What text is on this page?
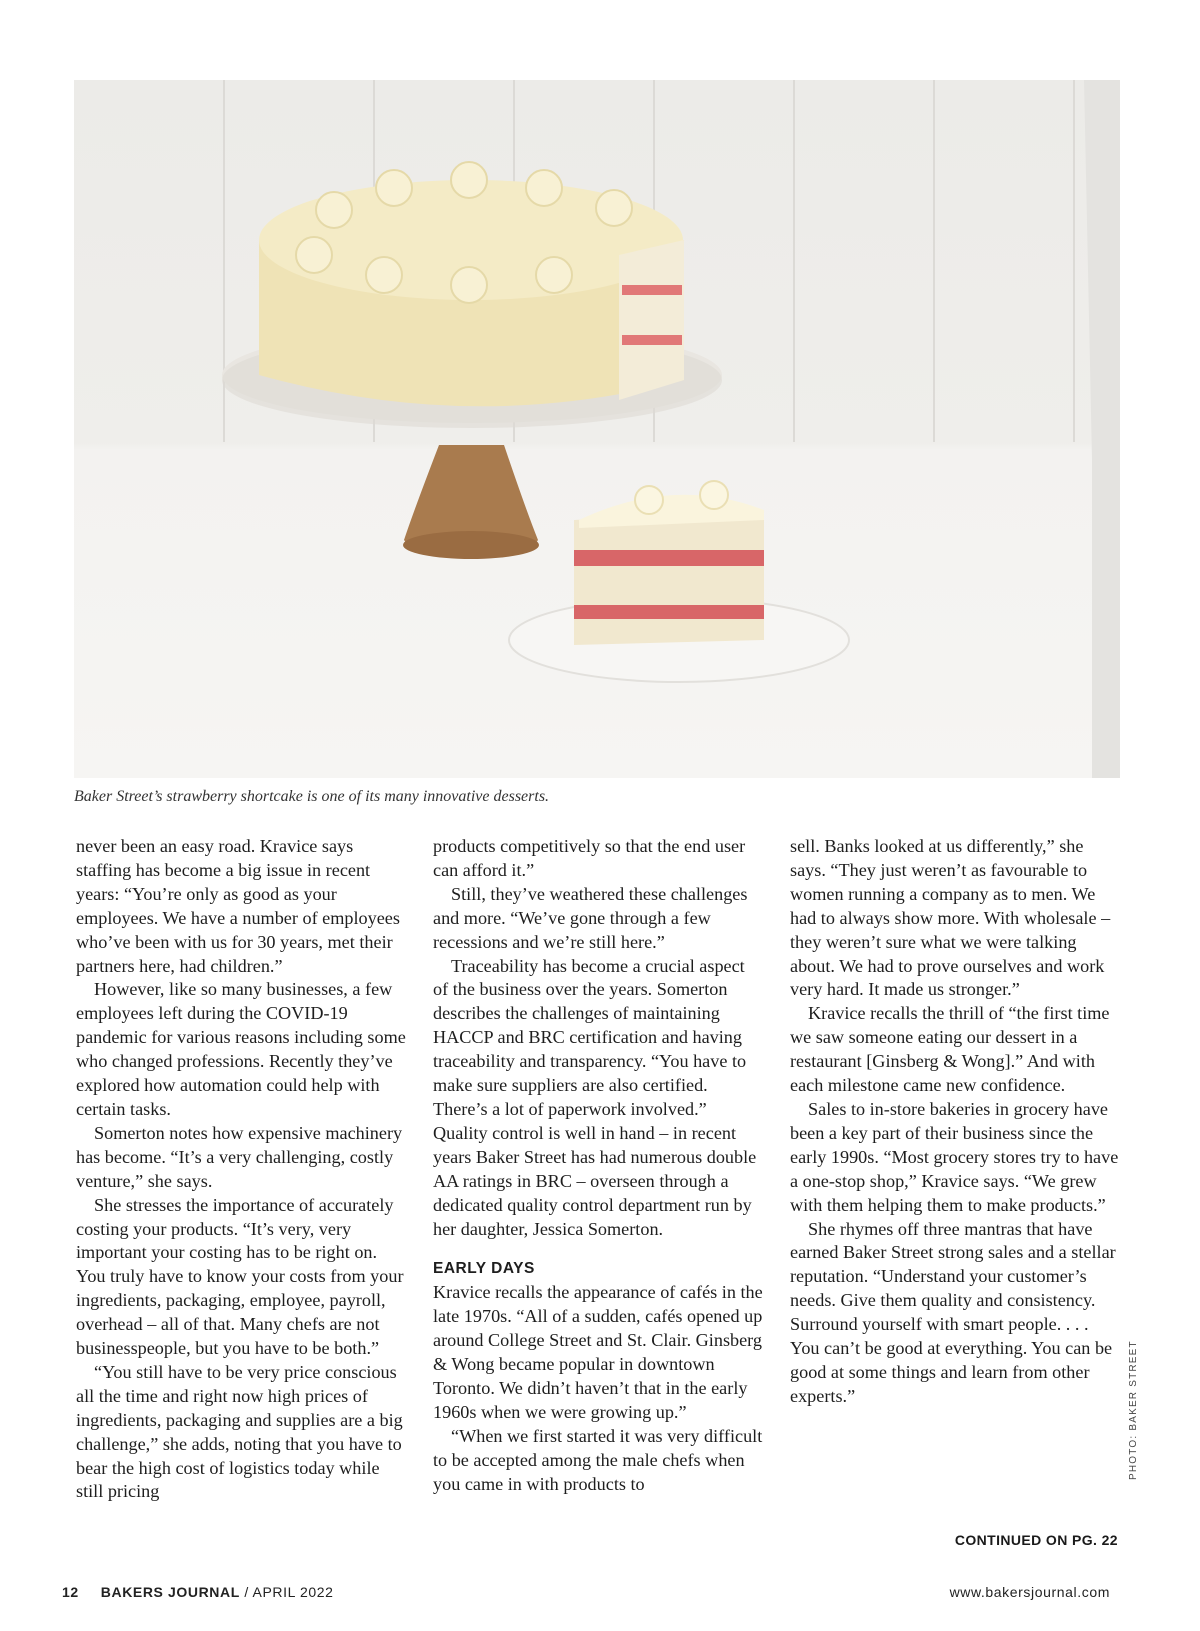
Baker Street’s strawberry shortcake is one of its many innovative desserts.

never been an easy road. Kravice says staffing has become a big issue in recent years: “You’re only as good as your employees. We have a number of employees who’ve been with us for 30 years, met their partners here, had children.”

However, like so many businesses, a few employees left during the COVID-19 pandemic for various reasons including some who changed professions. Recently they’ve explored how automation could help with certain tasks.

Somerton notes how expensive machinery has become. “It’s a very challenging, costly venture,” she says.

She stresses the importance of accurately costing your products. “It’s very, very important your costing has to be right on. You truly have to know your costs from your ingredients, packaging, employee, payroll, overhead – all of that. Many chefs are not businesspeople, but you have to be both.”

“You still have to be very price conscious all the time and right now high prices of ingredients, packaging and supplies are a big challenge,” she adds, noting that you have to bear the high cost of logistics today while still pricing

products competitively so that the end user can afford it.”

Still, they’ve weathered these challenges and more. “We’ve gone through a few recessions and we’re still here.”

Traceability has become a crucial aspect of the business over the years. Somerton describes the challenges of maintaining HACCP and BRC certification and having traceability and transparency. “You have to make sure suppliers are also certified. There’s a lot of paperwork involved.” Quality control is well in hand – in recent years Baker Street has had numerous double AA ratings in BRC – overseen through a dedicated quality control department run by her daughter, Jessica Somerton.

EARLY DAYS

Kravice recalls the appearance of cafés in the late 1970s. “All of a sudden, cafés opened up around College Street and St. Clair. Ginsberg & Wong became popular in downtown Toronto. We didn’t haven’t that in the early 1960s when we were growing up.”

“When we first started it was very difficult to be accepted among the male chefs when you came in with products to

sell. Banks looked at us differently,” she says. “They just weren’t as favourable to women running a company as to men. We had to always show more. With wholesale – they weren’t sure what we were talking about. We had to prove ourselves and work very hard. It made us stronger.”

Kravice recalls the thrill of “the first time we saw someone eating our dessert in a restaurant [Ginsberg & Wong].” And with each milestone came new confidence.

Sales to in-store bakeries in grocery have been a key part of their business since the early 1990s. “Most grocery stores try to have a one-stop shop,” Kravice says. “We grew with them helping them to make products.”

She rhymes off three mantras that have earned Baker Street strong sales and a stellar reputation. “Understand your customer’s needs. Give them quality and consistency. Surround yourself with smart people. . . . You can’t be good at everything. You can be good at some things and learn from other experts.”	PHOTO: BAKER STREET
CONTINUED ON PG. 22
12 BAKERS JOURNAL / APRIL 2022	www.bakersjournal.com
